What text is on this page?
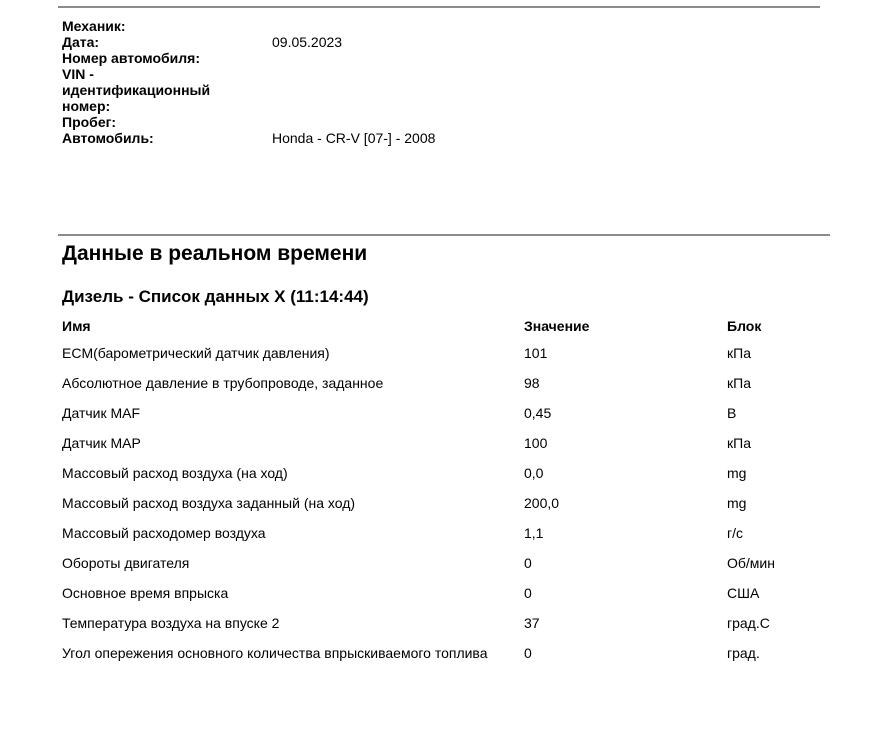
Механик:
Дата:	09.05.2023
Номер автомобиля:
VIN -
идентификационный
номер:
Пробег:
Автомобиль:	Honda - CR-V [07-] - 2008
Данные в реальном времени
Дизель - Список данных X (11:14:44)
Имя	Значение	Блок
ECM(барометрический датчик давления)	101	кПа
Абсолютное давление в трубопроводе, заданное	98	кПа
Датчик MAF	0,45	В
Датчик MAP	100	кПа
Массовый расход воздуха (на ход)	0,0	mg
Массовый расход воздуха заданный (на ход)	200,0	mg
Массовый расходомер воздуха	1,1	г/с
Обороты двигателя	0	Об/мин
Основное время впрыска	0	США
Температура воздуха на впуске 2	37	град.С
Угол опережения основного количества впрыскиваемого топлива	0	град.
